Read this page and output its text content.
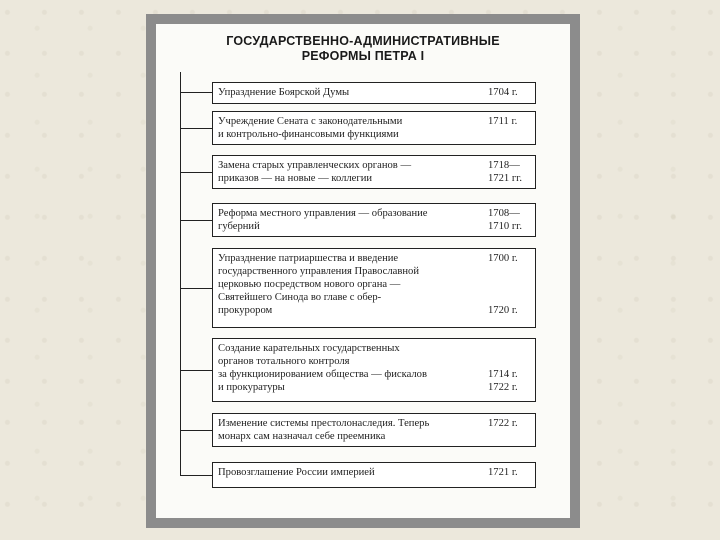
ГОСУДАРСТВЕННО-АДМИНИСТРАТИВНЫЕ
РЕФОРМЫ ПЕТРА I
Упразднение Боярской Думы	1704 г.
Учреждение Сената с законодательными
и контрольно-финансовыми функциями
1711 г.
Замена старых управленческих органов —
приказов — на новые — коллегии
1718—
1721 гг.
Реформа местного управления — образование
губерний
1708—
1710 гг.
Упразднение патриаршества и введение
государственного управления Православной
церковью посредством нового органа —
Святейшего Синода во главе с обер-
прокурором
1700 г.

1720 г.
Создание карательных государственных
органов тотального контроля
за функционированием общества — фискалов
и прокуратуры

1714 г.
1722 г.
Изменение системы престолонаследия. Теперь
монарх сам назначал себе преемника
1722 г.
Провозглашение России империей	1721 г.
